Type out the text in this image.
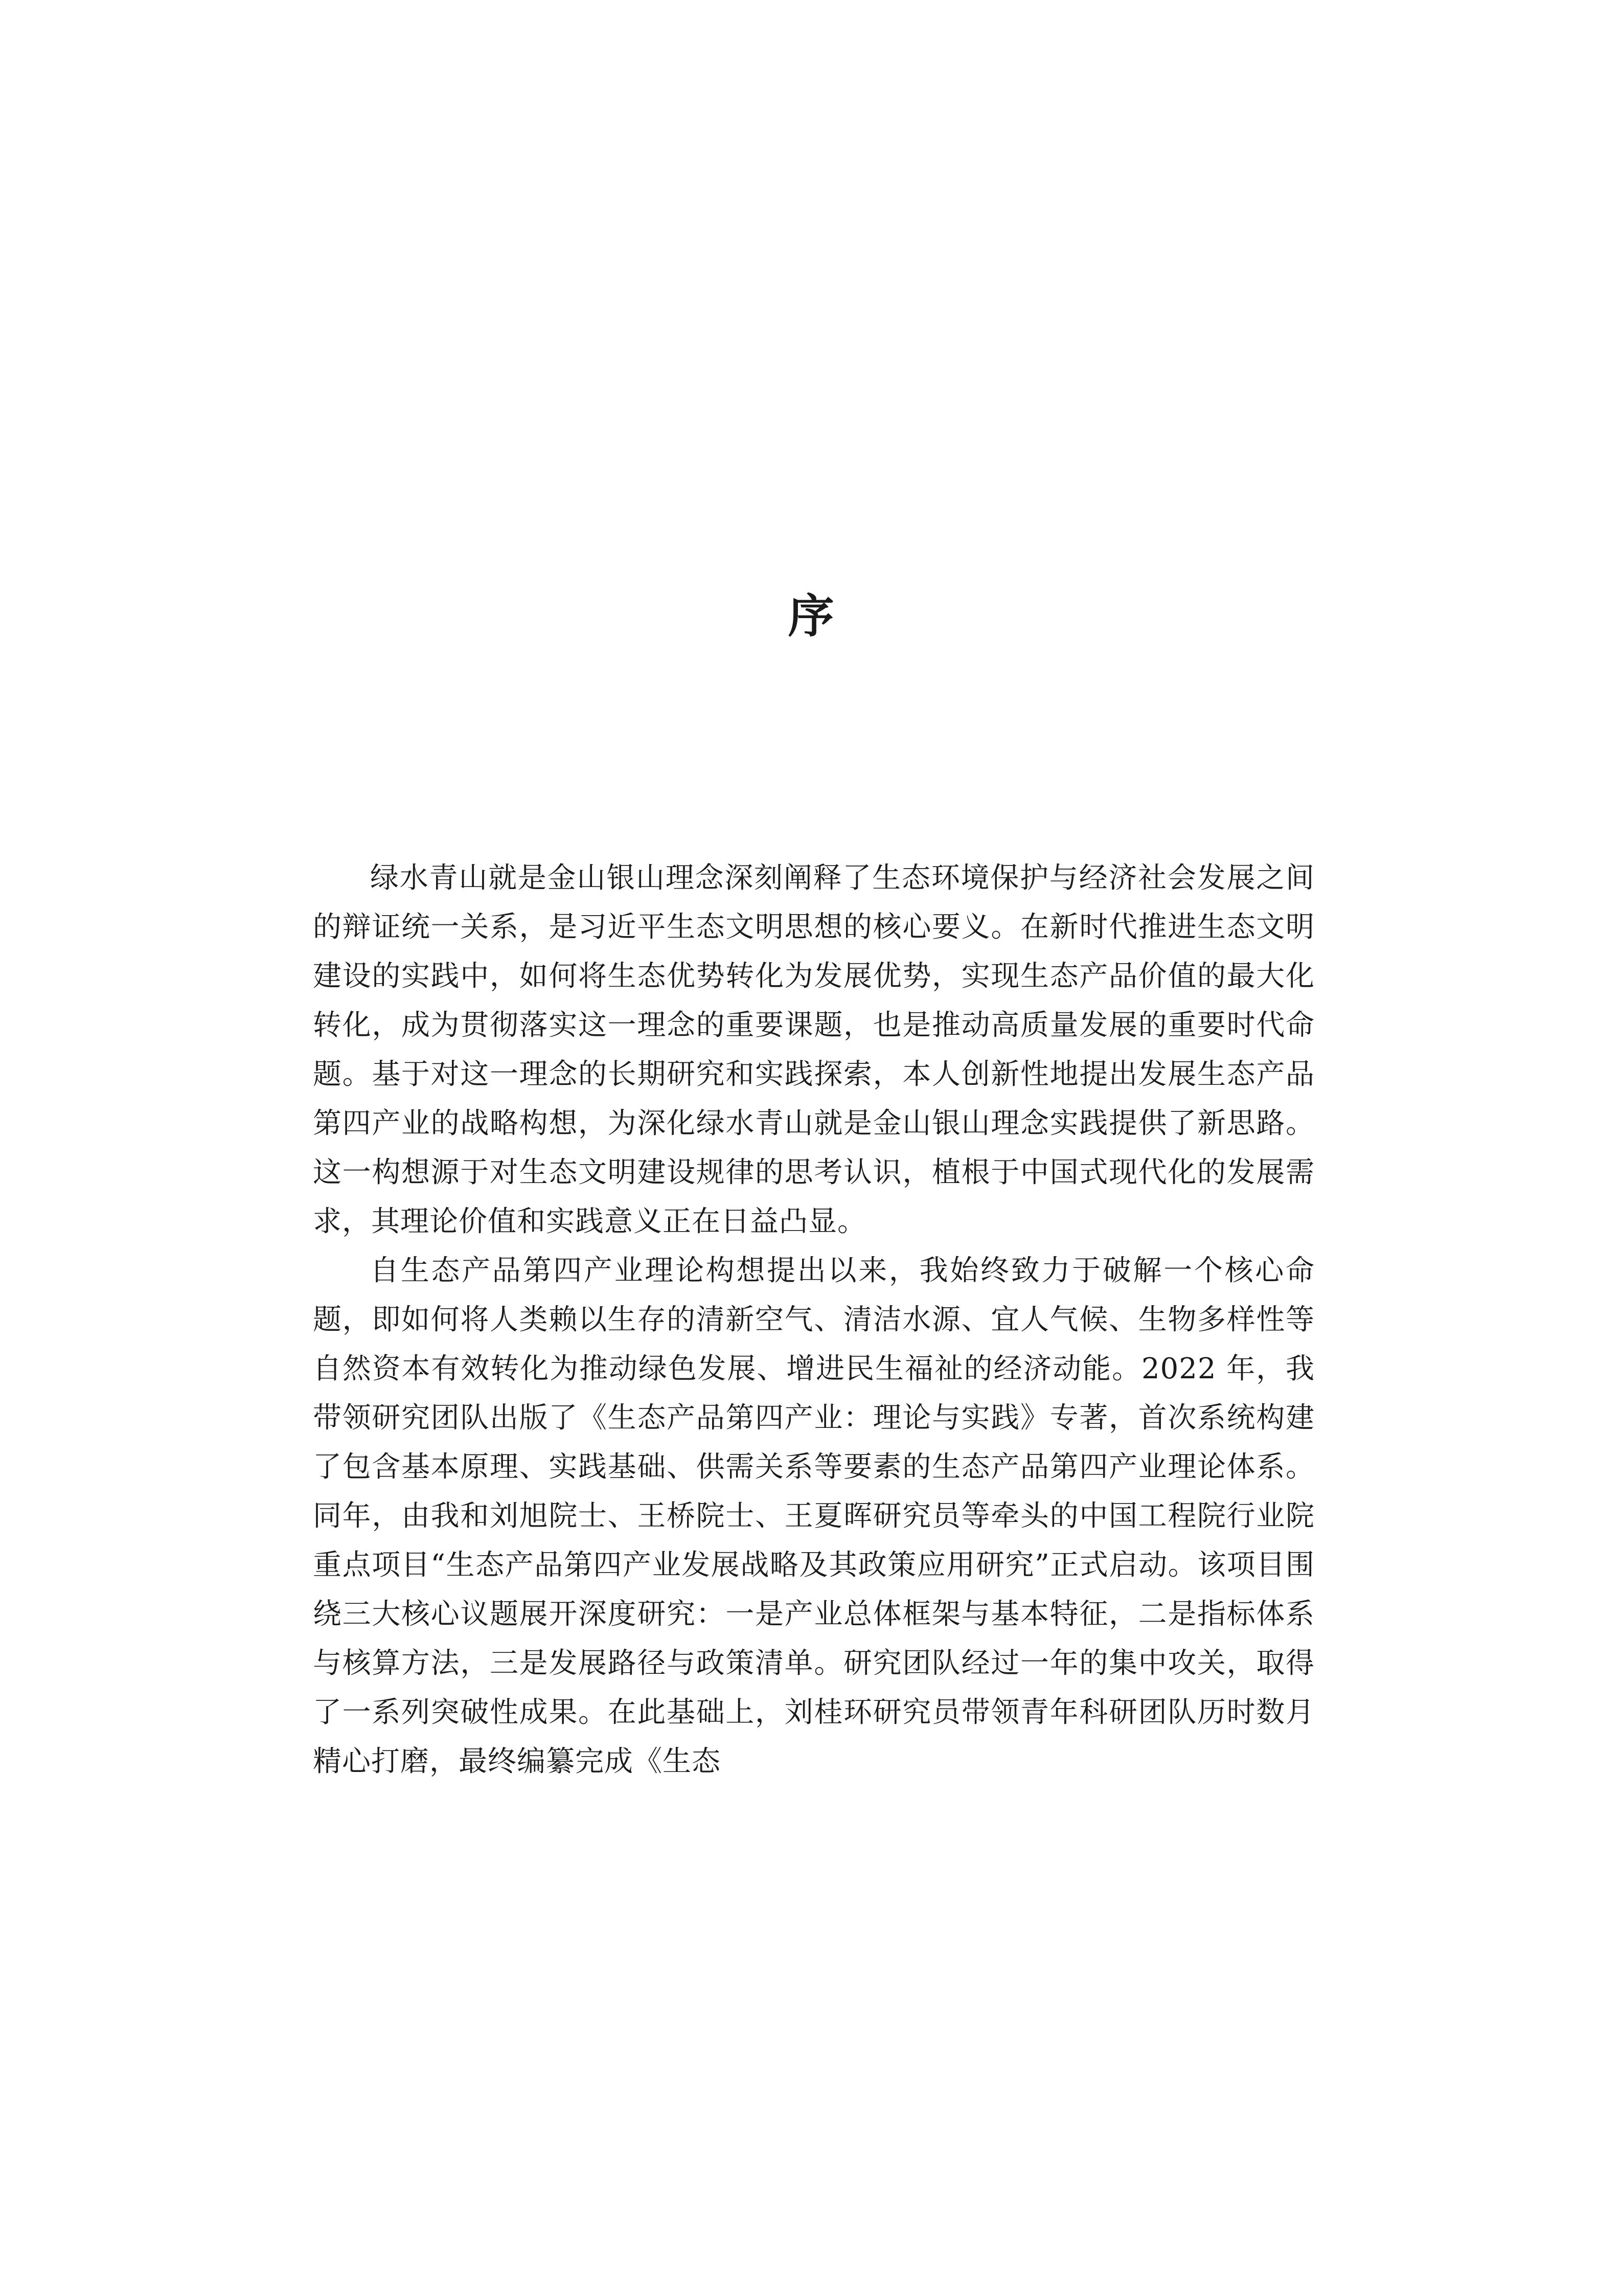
序

绿水青山就是金山银山理念深刻阐释了生态环境保护与经济社会发展之间的辩证统一关系，是习近平生态文明思想的核心要义。在新时代推进生态文明建设的实践中，如何将生态优势转化为发展优势，实现生态产品价值的最大化转化，成为贯彻落实这一理念的重要课题，也是推动高质量发展的重要时代命题。基于对这一理念的长期研究和实践探索，本人创新性地提出发展生态产品第四产业的战略构想，为深化绿水青山就是金山银山理念实践提供了新思路。这一构想源于对生态文明建设规律的思考认识，植根于中国式现代化的发展需求，其理论价值和实践意义正在日益凸显。

自生态产品第四产业理论构想提出以来，我始终致力于破解一个核心命题，即如何将人类赖以生存的清新空气、清洁水源、宜人气候、生物多样性等自然资本有效转化为推动绿色发展、增进民生福祉的经济动能。2022 年，我带领研究团队出版了《生态产品第四产业：理论与实践》专著，首次系统构建了包含基本原理、实践基础、供需关系等要素的生态产品第四产业理论体系。同年，由我和刘旭院士、王桥院士、王夏晖研究员等牵头的中国工程院行业院重点项目“生态产品第四产业发展战略及其政策应用研究”正式启动。该项目围绕三大核心议题展开深度研究：一是产业总体框架与基本特征，二是指标体系与核算方法，三是发展路径与政策清单。研究团队经过一年的集中攻关，取得了一系列突破性成果。在此基础上，刘桂环研究员带领青年科研团队历时数月精心打磨，最终编纂完成《生态
